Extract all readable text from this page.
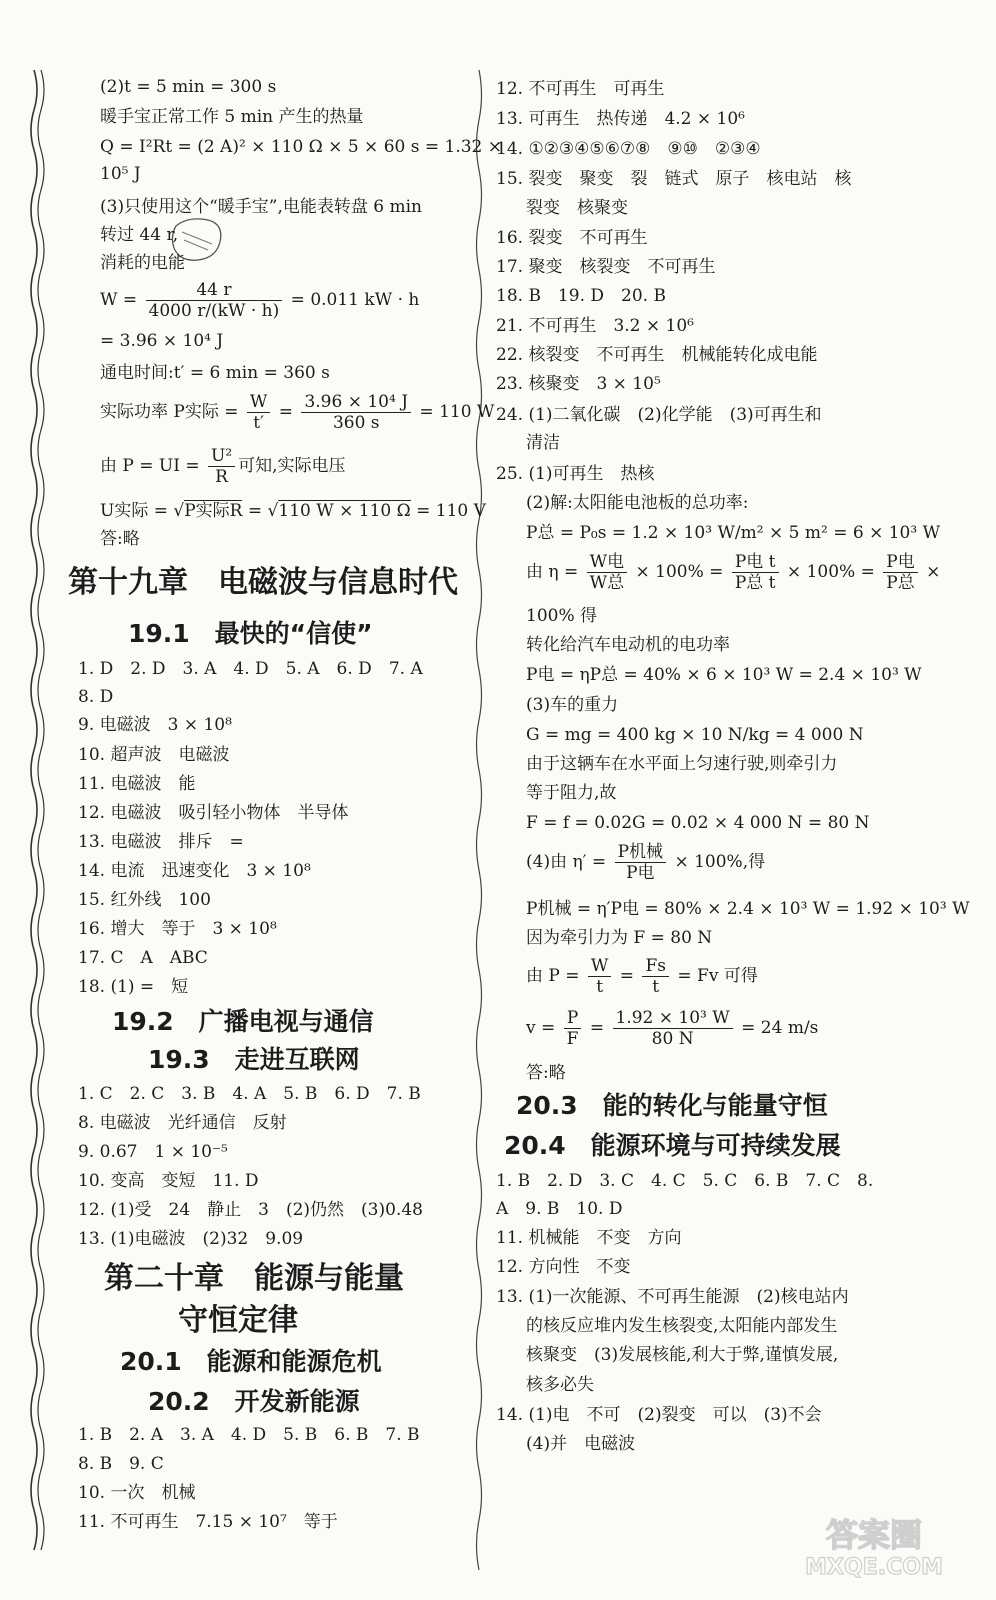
(2)t = 5 min = 300 s
暖手宝正常工作 5 min 产生的热量
Q = I²Rt = (2 A)² × 110 Ω × 5 × 60 s = 1.32 ×
10⁵ J
(3)只使用这个“暖手宝”,电能表转盘 6 min
转过 44 r,
消耗的电能
$W = \frac{44 r}{4000 r/(kW \cdot h)} = 0.011$ kW · h
= 3.96 × 10⁴ J
通电时间:t′ = 6 min = 360 s
实际功率 P实际 = $\frac{W}{t'} = \frac{\text{3.96 × 10⁴ J}}{360 s} = 110$ W
由 P = UI = $\frac{\text{U²}}{R}$ 可知,实际电压
U实际 = √P实际R = √110 W × 110 Ω = 110 V
答:略
第十九章　电磁波与信息时代
19.1　最快的“信使”
1. D　2. D　3. A　4. D　5. A　6. D　7. A
8. D
9. 电磁波　3 × 10⁸
10. 超声波　电磁波
11. 电磁波　能
12. 电磁波　吸引轻小物体　半导体
13. 电磁波　排斥　=
14. 电流　迅速变化　3 × 10⁸
15. 红外线　100
16. 增大　等于　3 × 10⁸
17. C　A　ABC
18. (1) =　短
19.2　广播电视与通信
19.3　走进互联网
1. C　2. C　3. B　4. A　5. B　6. D　7. B
8. 电磁波　光纤通信　反射
9. 0.67　1 × 10⁻⁵
10. 变高　变短　11. D
12. (1)受　24　静止　3　(2)仍然　(3)0.48
13. (1)电磁波　(2)32　9.09
第二十章　能源与能量
守恒定律
20.1　能源和能源危机
20.2　开发新能源
1. B　2. A　3. A　4. D　5. B　6. B　7. B
8. B　9. C
10. 一次　机械
11. 不可再生　7.15 × 10⁷　等于
12. 不可再生　可再生
13. 可再生　热传递　4.2 × 10⁶
14. ①②③④⑤⑥⑦⑧　⑨⑩　②③④
15. 裂变　聚变　裂　链式　原子　核电站　核
裂变　核聚变
16. 裂变　不可再生
17. 聚变　核裂变　不可再生
18. B　19. D　20. B
21. 不可再生　3.2 × 10⁶
22. 核裂变　不可再生　机械能转化成电能
23. 核聚变　3 × 10⁵
24. (1)二氧化碳　(2)化学能　(3)可再生和
清洁
25. (1)可再生　热核
(2)解:太阳能电池板的总功率:
P总 = P₀s = 1.2 × 10³ W/m² × 5 m² = 6 × 10³ W
由 $\eta = \frac{\text{W电}}{\text{W总}} \times 100\% = \frac{\text{P电 t}}{\text{P总 t}} \times 100\% = \frac{\text{P电}}{\text{P总}}$ ×
100% 得
转化给汽车电动机的电功率
P电 = ηP总 = 40% × 6 × 10³ W = 2.4 × 10³ W
(3)车的重力
G = mg = 400 kg × 10 N/kg = 4 000 N
由于这辆车在水平面上匀速行驶,则牵引力
等于阻力,故
F = f = 0.02G = 0.02 × 4 000 N = 80 N
(4)由 $\eta' = \frac{\text{P机械}}{\text{P电}} \times 100\%$,得
P机械 = η′P电 = 80% × 2.4 × 10³ W = 1.92 × 10³ W
因为牵引力为 F = 80 N
由 $P = \frac{W}{t} = \frac{Fs}{t} = Fv$ 可得
$v = \frac{P}{F} = \frac{\text{1.92 × 10³ W}}{80 N} = 24$ m/s
答:略
20.3　能的转化与能量守恒
20.4　能源环境与可持续发展
1. B　2. D　3. C　4. C　5. C　6. B　7. C　8.
A　9. B　10. D
11. 机械能　不变　方向
12. 方向性　不变
13. (1)一次能源、不可再生能源　(2)核电站内
的核反应堆内发生核裂变,太阳能内部发生
核聚变　(3)发展核能,利大于弊,谨慎发展,
核多必失
14. (1)电　不可　(2)裂变　可以　(3)不会
(4)并　电磁波
答案圈
MXQE.COM
